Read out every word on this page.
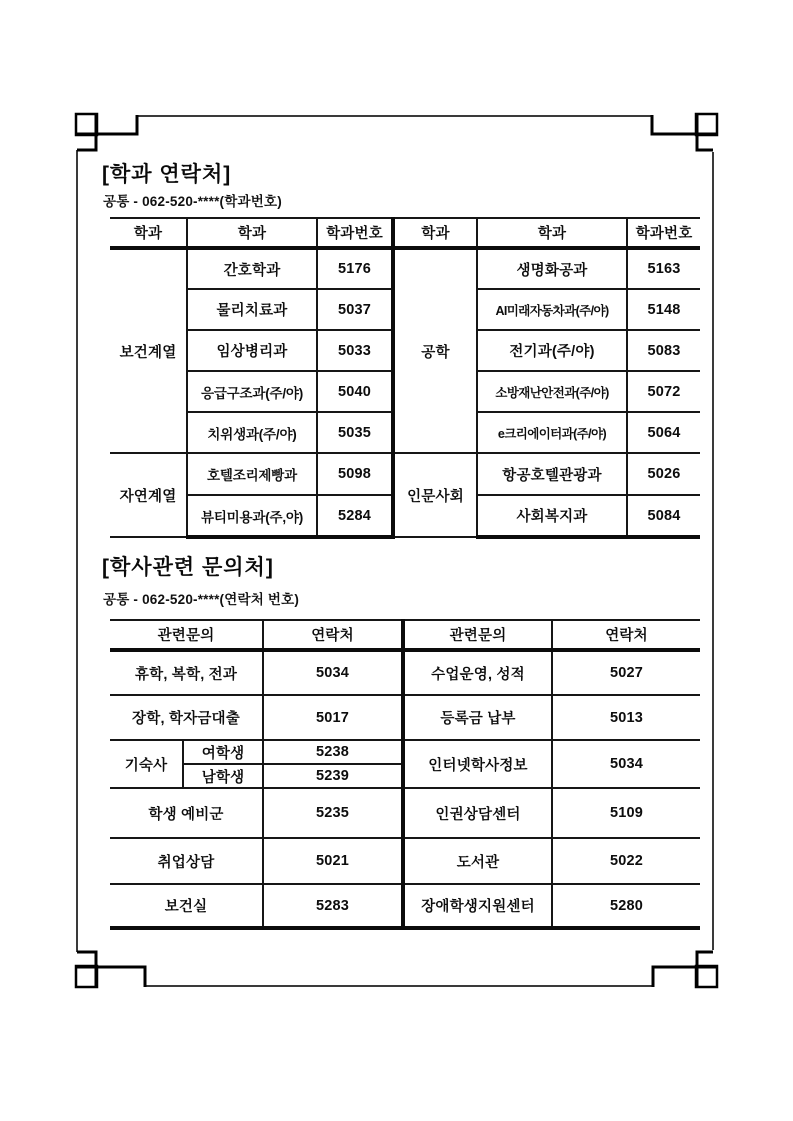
[학과 연락처]
공통 - 062-520-****(학과번호)
학과	학과	학과번호	학과	학과	학과번호
보건계열	간호학과	5176	공학	생명화공과	5163
	물리치료과	5037		AI미래자동차과(주/야)	5148
	임상병리과	5033		전기과(주/야)	5083
	응급구조과(주/야)	5040		소방재난안전과(주/야)	5072
	치위생과(주/야)	5035		e크리에이터과(주/야)	5064
자연계열	호텔조리제빵과	5098	인문사회	항공호텔관광과	5026
	뷰티미용과(주,야)	5284		사회복지과	5084
[학사관련 문의처]
공통 - 062-520-****(연락처 번호)
관련문의		연락처	관련문의	연락처
휴학, 복학, 전과		5034	수업운영, 성적	5027
장학, 학자금대출		5017	등록금 납부	5013
기숙사	여학생	5238	인터넷학사정보	5034
	남학생	5239		
학생 예비군		5235	인권상담센터	5109
취업상담		5021	도서관	5022
보건실		5283	장애학생지원센터	5280
